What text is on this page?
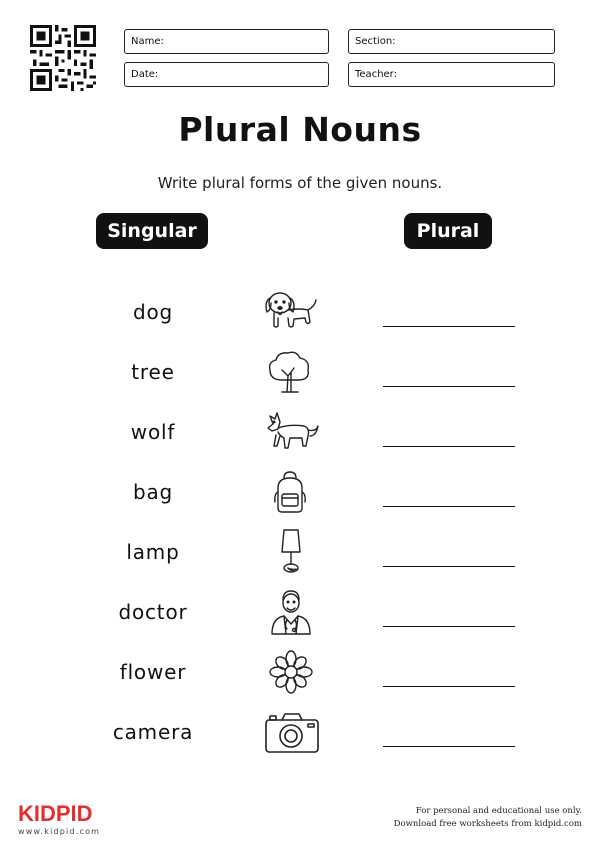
Name:	Section:
Date:	Teacher:
Plural Nouns
Write plural forms of the given nouns.
Singular	Plural
dog
tree
wolf
bag
lamp
doctor
flower
camera
KIDPID
www.kidpid.com
For personal and educational use only.
Download free worksheets from kidpid.com
